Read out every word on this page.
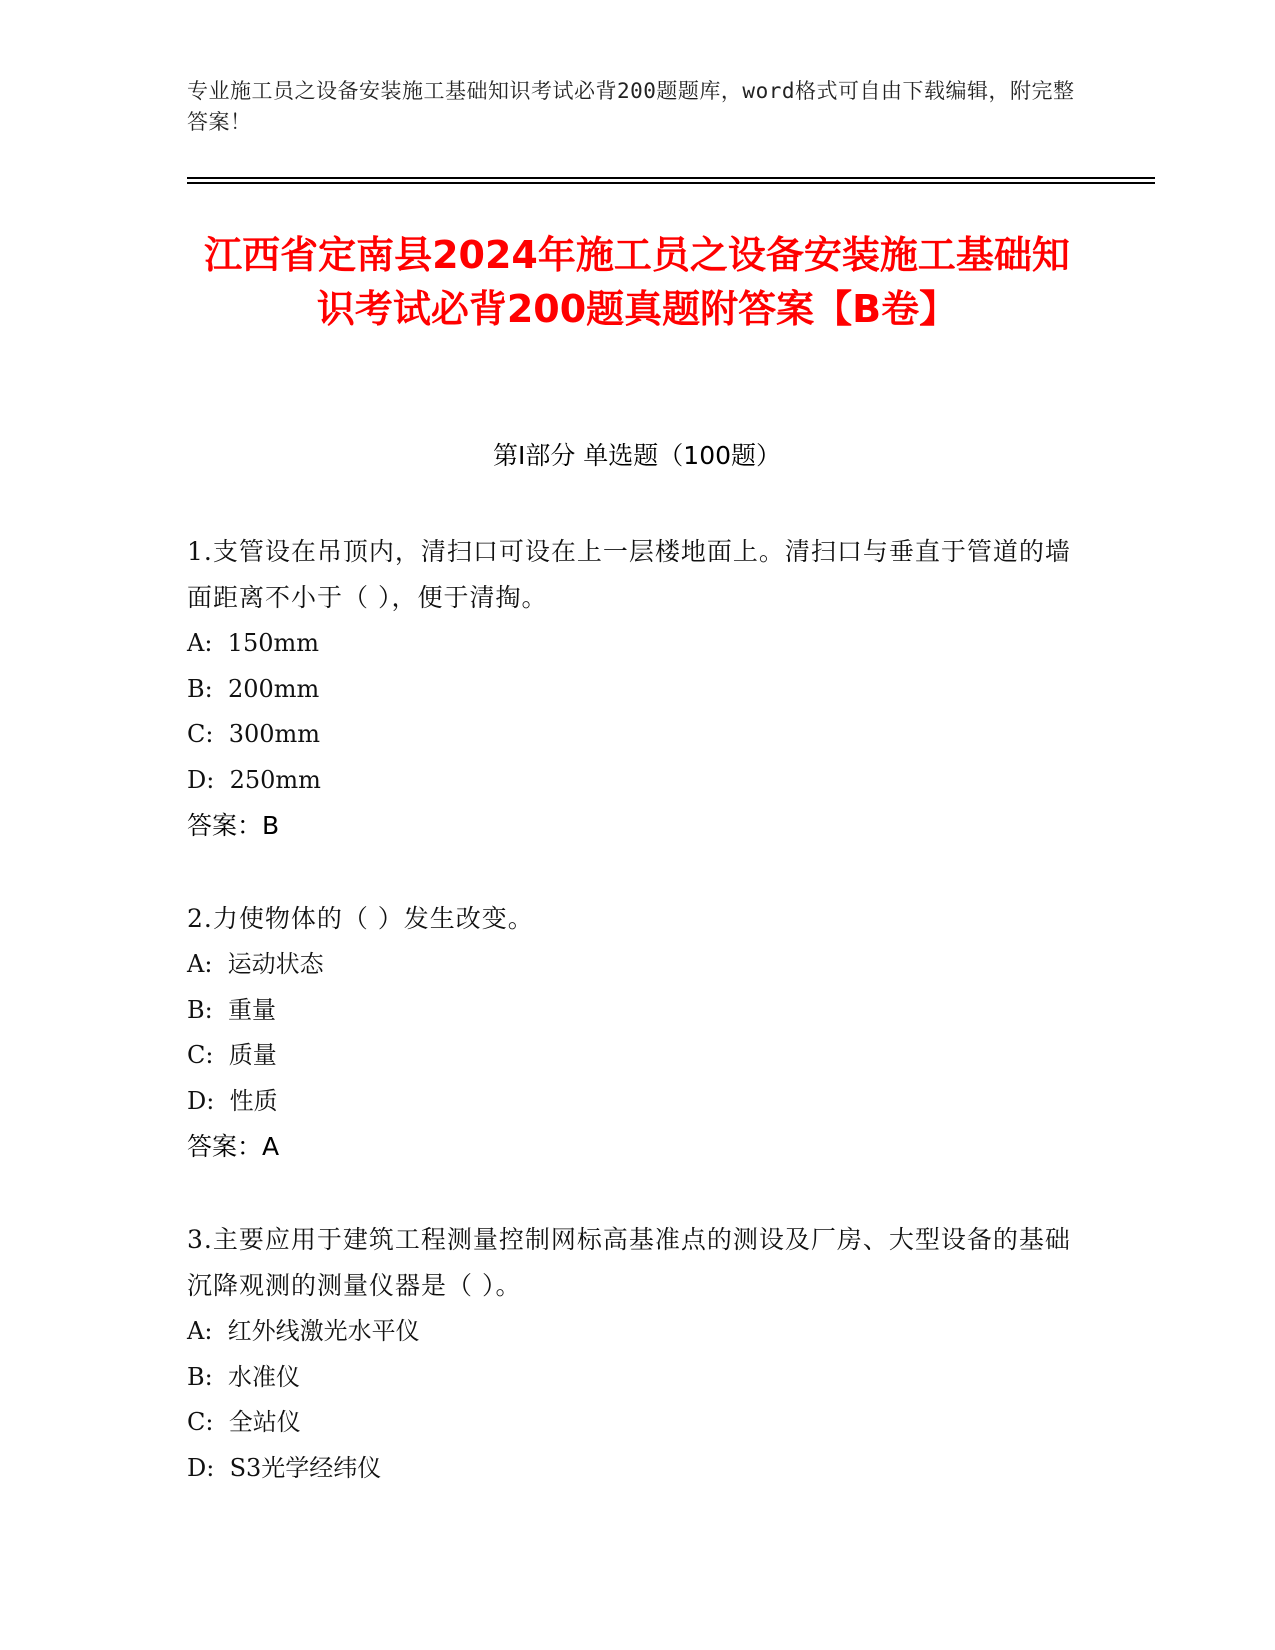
专业施工员之设备安装施工基础知识考试必背200题题库，word格式可自由下载编辑，附完整答案！
江西省定南县2024年施工员之设备安装施工基础知识考试必背200题真题附答案【B卷】
第I部分 单选题（100题）
1.支管设在吊顶内，清扫口可设在上一层楼地面上。清扫口与垂直于管道的墙面距离不小于（ ），便于清掏。
A:  150mm
B:  200mm
C:  300mm
D:  250mm
答案：B
2.力使物体的（ ）发生改变。
A:  运动状态
B:  重量
C:  质量
D:  性质
答案：A
3.主要应用于建筑工程测量控制网标高基准点的测设及厂房、大型设备的基础沉降观测的测量仪器是（ ）。
A:  红外线激光水平仪
B:  水准仪
C:  全站仪
D:  S3光学经纬仪
